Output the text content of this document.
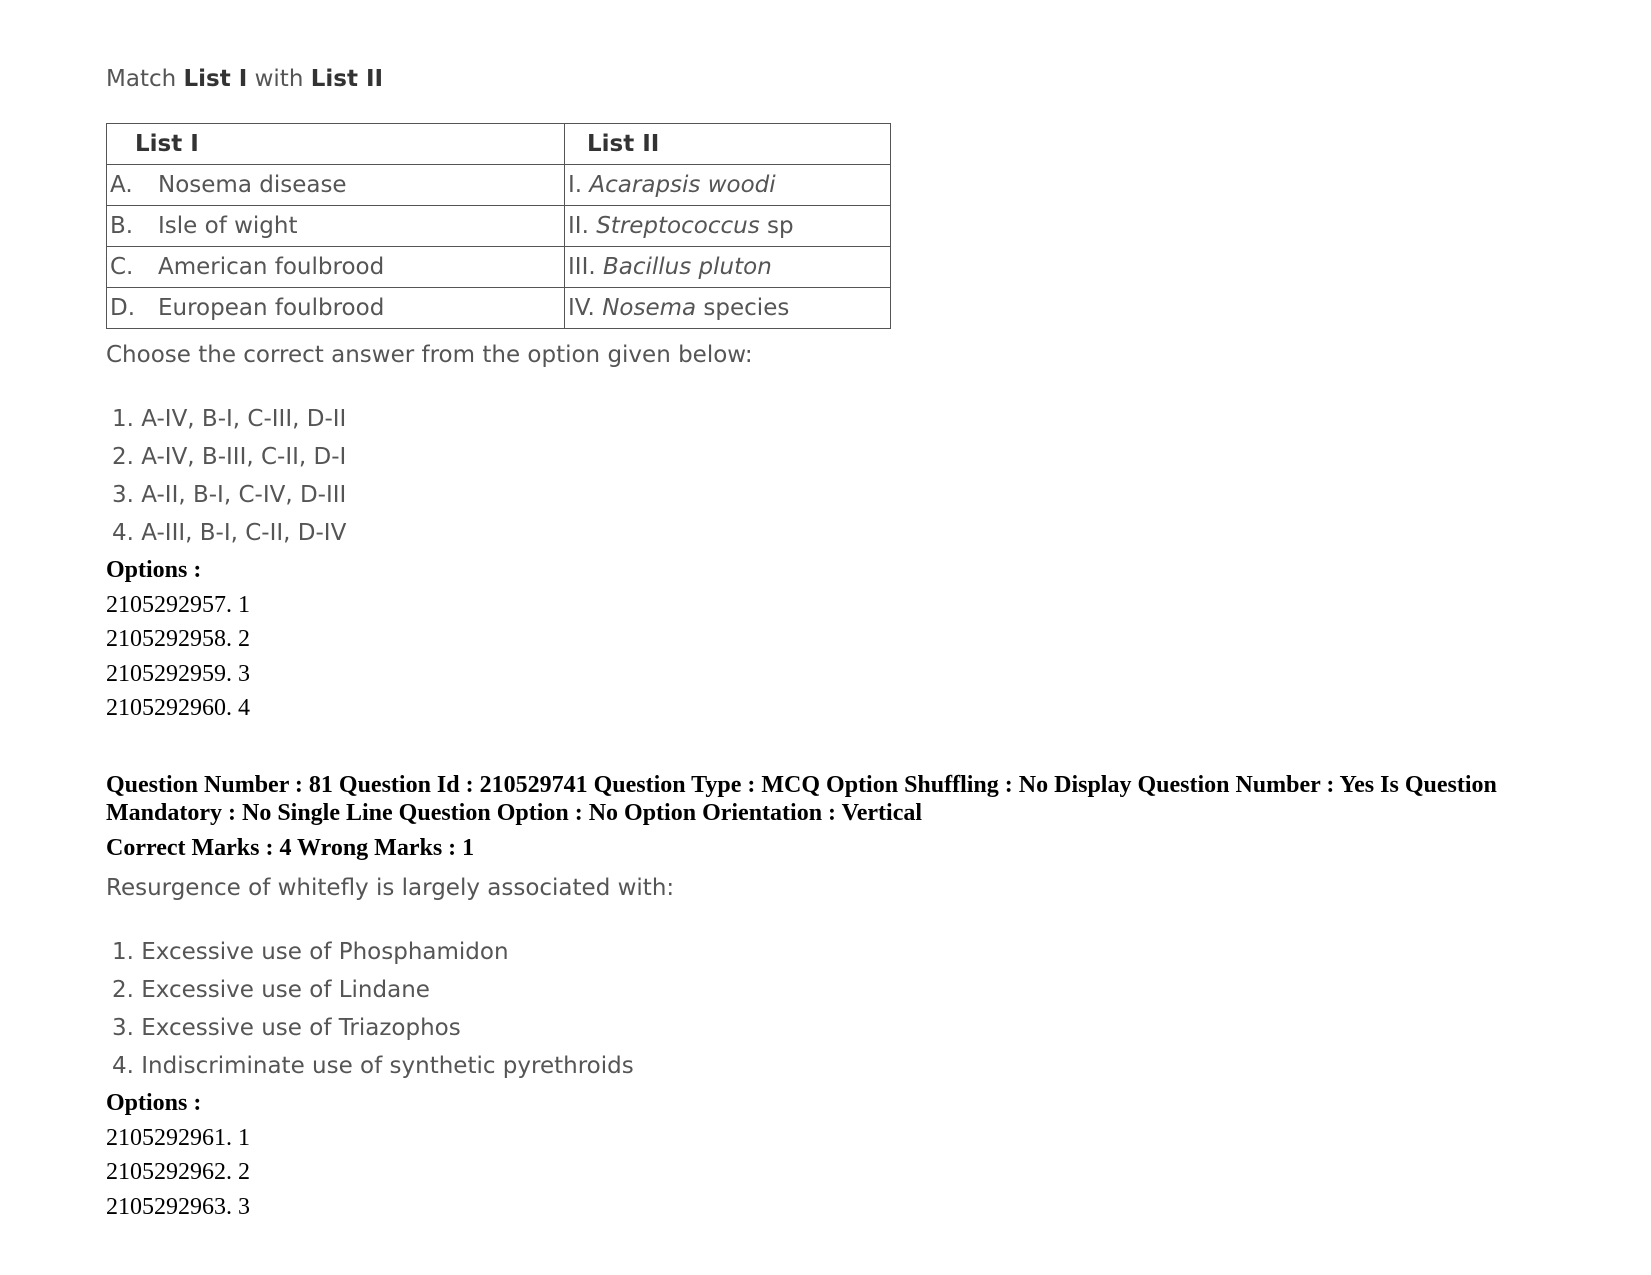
Match List I with List II
List I	List II
A. Nosema disease	I. Acarapsis woodi
B. Isle of wight	II. Streptococcus sp
C. American foulbrood	III. Bacillus pluton
D. European foulbrood	IV. Nosema species
Choose the correct answer from the option given below:
1. A-IV, B-I, C-III, D-II
2. A-IV, B-III, C-II, D-I
3. A-II, B-I, C-IV, D-III
4. A-III, B-I, C-II, D-IV
Options :
2105292957. 1
2105292958. 2
2105292959. 3
2105292960. 4
Question Number : 81 Question Id : 210529741 Question Type : MCQ Option Shuffling : No Display Question Number : Yes Is Question
Mandatory : No Single Line Question Option : No Option Orientation : Vertical
Correct Marks : 4 Wrong Marks : 1
Resurgence of whitefly is largely associated with:
1. Excessive use of Phosphamidon
2. Excessive use of Lindane
3. Excessive use of Triazophos
4. Indiscriminate use of synthetic pyrethroids
Options :
2105292961. 1
2105292962. 2
2105292963. 3
